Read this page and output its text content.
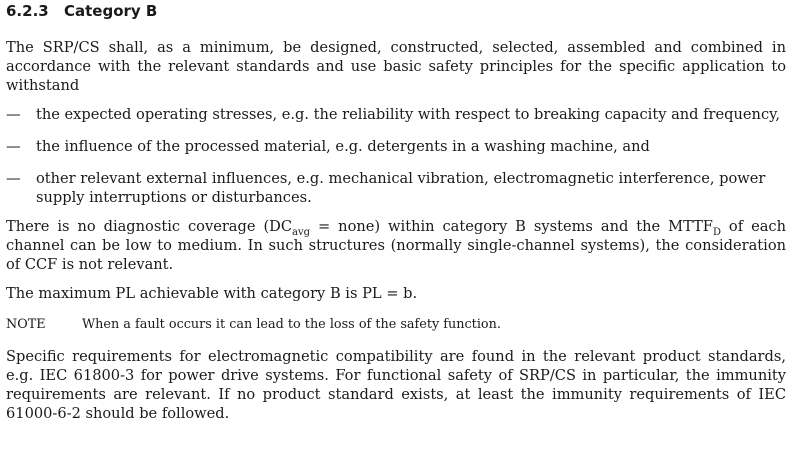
6.2.3 Category B

The SRP/CS shall, as a minimum, be designed, constructed, selected, assembled and combined in accordance with the relevant standards and use basic safety principles for the specific application to withstand

—	the expected operating stresses, e.g. the reliability with respect to breaking capacity and frequency,
—	the influence of the processed material, e.g. detergents in a washing machine, and
—	other relevant external influences, e.g. mechanical vibration, electromagnetic interference, power supply interruptions or disturbances.

There is no diagnostic coverage ($DC_{avg}$ = none) within category B systems and the $MTTF_D$ of each channel can be low to medium. In such structures (normally single-channel systems), the consideration of CCF is not relevant.

The maximum PL achievable with category B is PL = b.

NOTE	When a fault occurs it can lead to the loss of the safety function.

Specific requirements for electromagnetic compatibility are found in the relevant product standards, e.g. IEC 61800-3 for power drive systems. For functional safety of SRP/CS in particular, the immunity requirements are relevant. If no product standard exists, at least the immunity requirements of IEC 61000-6-2 should be followed.
